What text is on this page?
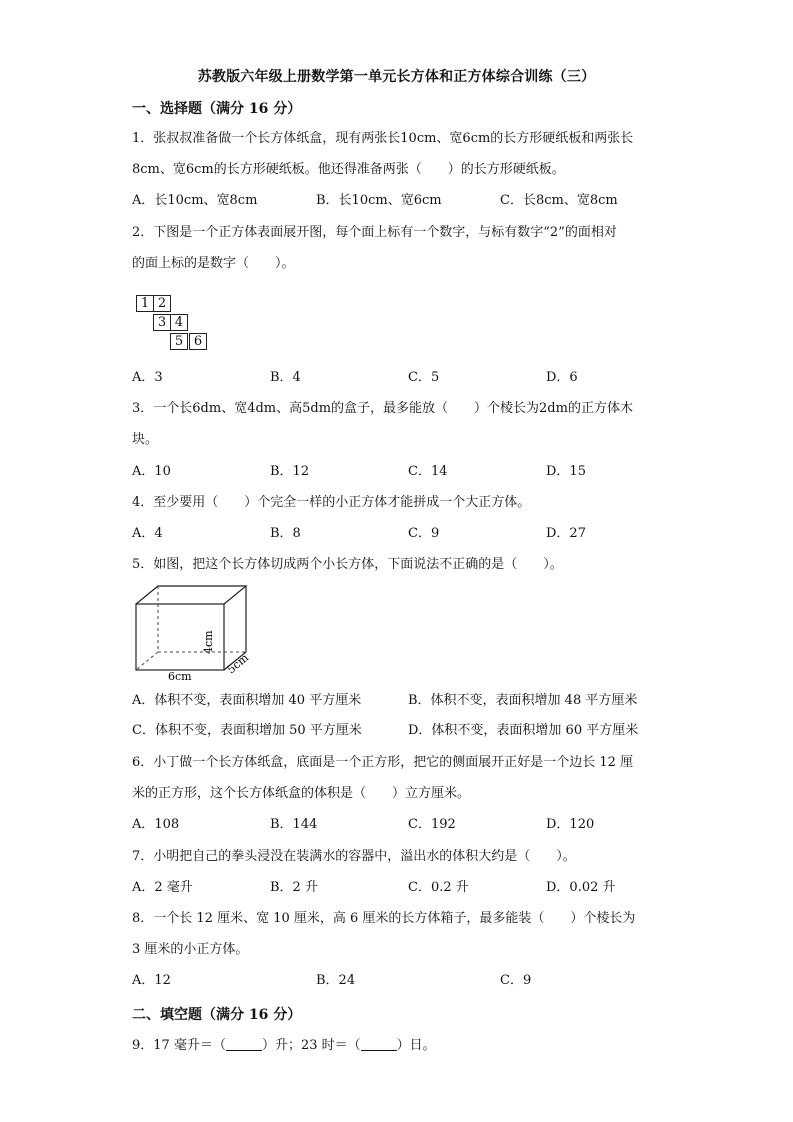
苏教版六年级上册数学第一单元长方体和正方体综合训练（三）
一、选择题（满分 16 分）
1．张叔叔准备做一个长方体纸盒，现有两张长10cm、宽6cm的长方形硬纸板和两张长
8cm、宽6cm的长方形硬纸板。他还得准备两张（　　）的长方形硬纸板。
A．长10cm、宽8cm	B．长10cm、宽6cm	C．长8cm、宽8cm
2．下图是一个正方体表面展开图，每个面上标有一个数字，与标有数字“2”的面相对
的面上标的是数字（　　）。
1 2
3 4
5 6
A．3	B．4	C．5	D．6
3．一个长6dm、宽4dm、高5dm的盒子，最多能放（　　）个棱长为2dm的正方体木
块。
A．10	B．12	C．14	D．15
4．至少要用（　　）个完全一样的小正方体才能拼成一个大正方体。
A．4	B．8	C．9	D．27
5．如图，把这个长方体切成两个小长方体，下面说法不正确的是（　　）。
6cm
4cm
5cm
A．体积不变，表面积增加 40 平方厘米	B．体积不变，表面积增加 48 平方厘米
C．体积不变，表面积增加 50 平方厘米	D．体积不变，表面积增加 60 平方厘米
6．小丁做一个长方体纸盒，底面是一个正方形，把它的侧面展开正好是一个边长 12 厘
米的正方形，这个长方体纸盒的体积是（　　）立方厘米。
A．108	B．144	C．192	D．120
7．小明把自己的拳头浸没在装满水的容器中，溢出水的体积大约是（　　）。
A．2 毫升	B．2 升	C．0.2 升	D．0.02 升
8．一个长 12 厘米、宽 10 厘米，高 6 厘米的长方体箱子，最多能装（　　）个棱长为
3 厘米的小正方体。
A．12	B．24	C．9
二、填空题（满分 16 分）
9．17 毫升＝（	）升；23 时＝（	）日。
